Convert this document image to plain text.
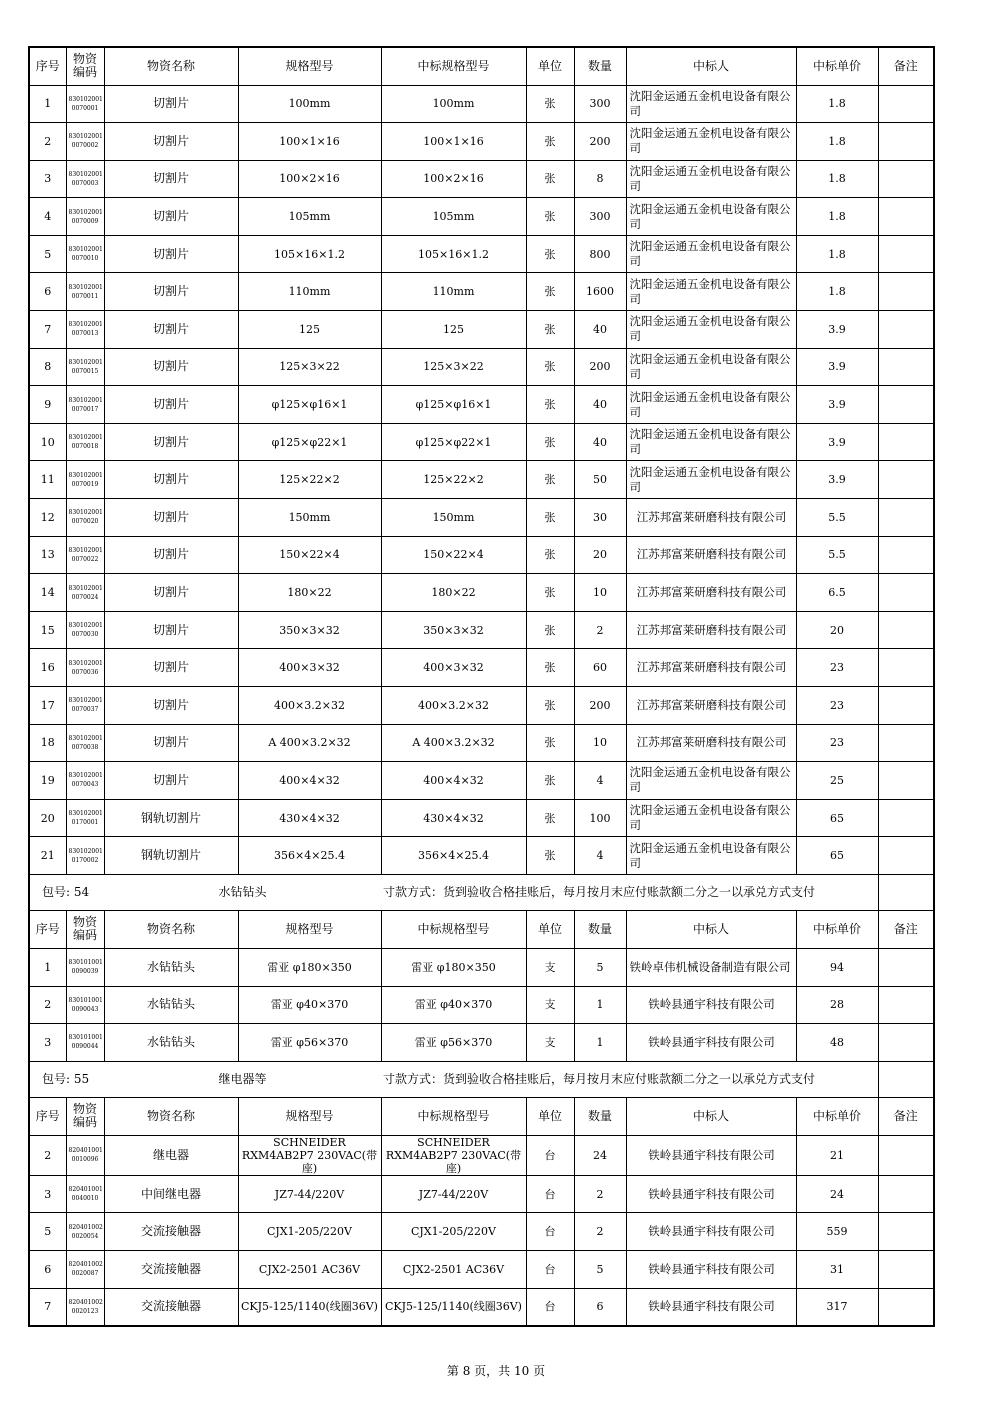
序号	物资编码	物资名称	规格型号	中标规格型号	单位	数量	中标人	中标单价	备注
1	830102001 0070001	切割片	100mm	100mm	张	300	沈阳金运通五金机电设备有限公司	1.8	
2	830102001 0070002	切割片	100×1×16	100×1×16	张	200	沈阳金运通五金机电设备有限公司	1.8	
3	830102001 0070003	切割片	100×2×16	100×2×16	张	8	沈阳金运通五金机电设备有限公司	1.8	
4	830102001 0070009	切割片	105mm	105mm	张	300	沈阳金运通五金机电设备有限公司	1.8	
5	830102001 0070010	切割片	105×16×1.2	105×16×1.2	张	800	沈阳金运通五金机电设备有限公司	1.8	
6	830102001 0070011	切割片	110mm	110mm	张	1600	沈阳金运通五金机电设备有限公司	1.8	
7	830102001 0070013	切割片	125	125	张	40	沈阳金运通五金机电设备有限公司	3.9	
8	830102001 0070015	切割片	125×3×22	125×3×22	张	200	沈阳金运通五金机电设备有限公司	3.9	
9	830102001 0070017	切割片	φ125×φ16×1	φ125×φ16×1	张	40	沈阳金运通五金机电设备有限公司	3.9	
10	830102001 0070018	切割片	φ125×φ22×1	φ125×φ22×1	张	40	沈阳金运通五金机电设备有限公司	3.9	
11	830102001 0070019	切割片	125×22×2	125×22×2	张	50	沈阳金运通五金机电设备有限公司	3.9	
12	830102001 0070020	切割片	150mm	150mm	张	30	江苏邦富莱研磨科技有限公司	5.5	
13	830102001 0070022	切割片	150×22×4	150×22×4	张	20	江苏邦富莱研磨科技有限公司	5.5	
14	830102001 0070024	切割片	180×22	180×22	张	10	江苏邦富莱研磨科技有限公司	6.5	
15	830102001 0070030	切割片	350×3×32	350×3×32	张	2	江苏邦富莱研磨科技有限公司	20	
16	830102001 0070036	切割片	400×3×32	400×3×32	张	60	江苏邦富莱研磨科技有限公司	23	
17	830102001 0070037	切割片	400×3.2×32	400×3.2×32	张	200	江苏邦富莱研磨科技有限公司	23	
18	830102001 0070038	切割片	A 400×3.2×32	A 400×3.2×32	张	10	江苏邦富莱研磨科技有限公司	23	
19	830102001 0070043	切割片	400×4×32	400×4×32	张	4	沈阳金运通五金机电设备有限公司	25	
20	830102001 0170001	钢轨切割片	430×4×32	430×4×32	张	100	沈阳金运通五金机电设备有限公司	65	
21	830102001 0170002	钢轨切割片	356×4×25.4	356×4×25.4	张	4	沈阳金运通五金机电设备有限公司	65	
包号: 54		水钻钻头		寸款方式：货到验收合格挂账后，每月按月末应付账款额二分之一以承兑方式支付					
序号	物资编码	物资名称	规格型号	中标规格型号	单位	数量	中标人	中标单价	备注
1	830101001 0090039	水钻钻头	雷亚 φ180×350	雷亚 φ180×350	支	5	铁岭卓伟机械设备制造有限公司	94	
2	830101001 0090043	水钻钻头	雷亚 φ40×370	雷亚 φ40×370	支	1	铁岭县通宇科技有限公司	28	
3	830101001 0090044	水钻钻头	雷亚 φ56×370	雷亚 φ56×370	支	1	铁岭县通宇科技有限公司	48	
包号: 55		继电器等		寸款方式：货到验收合格挂账后，每月按月末应付账款额二分之一以承兑方式支付					
序号	物资编码	物资名称	规格型号	中标规格型号	单位	数量	中标人	中标单价	备注
2	820401001 0010096	继电器	SCHNEIDER RXM4AB2P7 230VAC(带座)	SCHNEIDER RXM4AB2P7 230VAC(带座)	台	24	铁岭县通宇科技有限公司	21	
3	820401001 0040010	中间继电器	JZ7-44/220V	JZ7-44/220V	台	2	铁岭县通宇科技有限公司	24	
5	820401002 0020054	交流接触器	CJX1-205/220V	CJX1-205/220V	台	2	铁岭县通宇科技有限公司	559	
6	820401002 0020087	交流接触器	CJX2-2501 AC36V	CJX2-2501 AC36V	台	5	铁岭县通宇科技有限公司	31	
7	820401002 0020123	交流接触器	CKJ5-125/1140(线圈36V)	CKJ5-125/1140(线圈36V)	台	6	铁岭县通宇科技有限公司	317	
第 8 页，共 10 页
